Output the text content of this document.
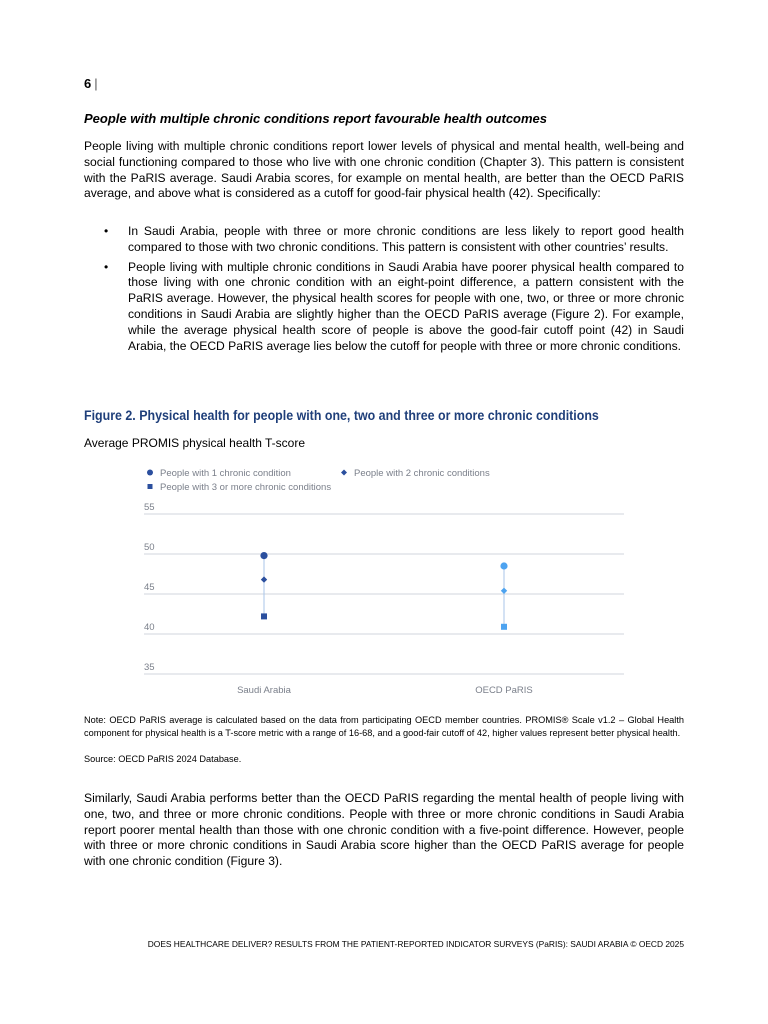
6 |
People with multiple chronic conditions report favourable health outcomes

People living with multiple chronic conditions report lower levels of physical and mental health, well-being and social functioning compared to those who live with one chronic condition (Chapter 3). This pattern is consistent with the PaRIS average. Saudi Arabia scores, for example on mental health, are better than the OECD PaRIS average, and above what is considered as a cutoff for good-fair physical health (42). Specifically:

• In Saudi Arabia, people with three or more chronic conditions are less likely to report good health compared to those with two chronic conditions. This pattern is consistent with other countries’ results.
• People living with multiple chronic conditions in Saudi Arabia have poorer physical health compared to those living with one chronic condition with an eight-point difference, a pattern consistent with the PaRIS average. However, the physical health scores for people with one, two, or three or more chronic conditions in Saudi Arabia are slightly higher than the OECD PaRIS average (Figure 2). For example, while the average physical health score of people is above the good-fair cutoff point (42) in Saudi Arabia, the OECD PaRIS average lies below the cutoff for people with three or more chronic conditions.
Figure 2. Physical health for people with one, two and three or more chronic conditions

Average PROMIS physical health T-score

55
50
45
40
35
Saudi Arabia	OECD PaRIS
People with 1 chronic condition	People with 2 chronic conditions
People with 3 or more chronic conditions

Note: OECD PaRIS average is calculated based on the data from participating OECD member countries. PROMIS® Scale v1.2 – Global Health component for physical health is a T-score metric with a range of 16-68, and a good-fair cutoff of 42, higher values represent better physical health.

Source: OECD PaRIS 2024 Database.

Similarly, Saudi Arabia performs better than the OECD PaRIS regarding the mental health of people living with one, two, and three or more chronic conditions. People with three or more chronic conditions in Saudi Arabia report poorer mental health than those with one chronic condition with a five-point difference. However, people with three or more chronic conditions in Saudi Arabia score higher than the OECD PaRIS average for people with one chronic condition (Figure 3).

DOES HEALTHCARE DELIVER? RESULTS FROM THE PATIENT-REPORTED INDICATOR SURVEYS (PaRIS): SAUDI ARABIA © OECD 2025
